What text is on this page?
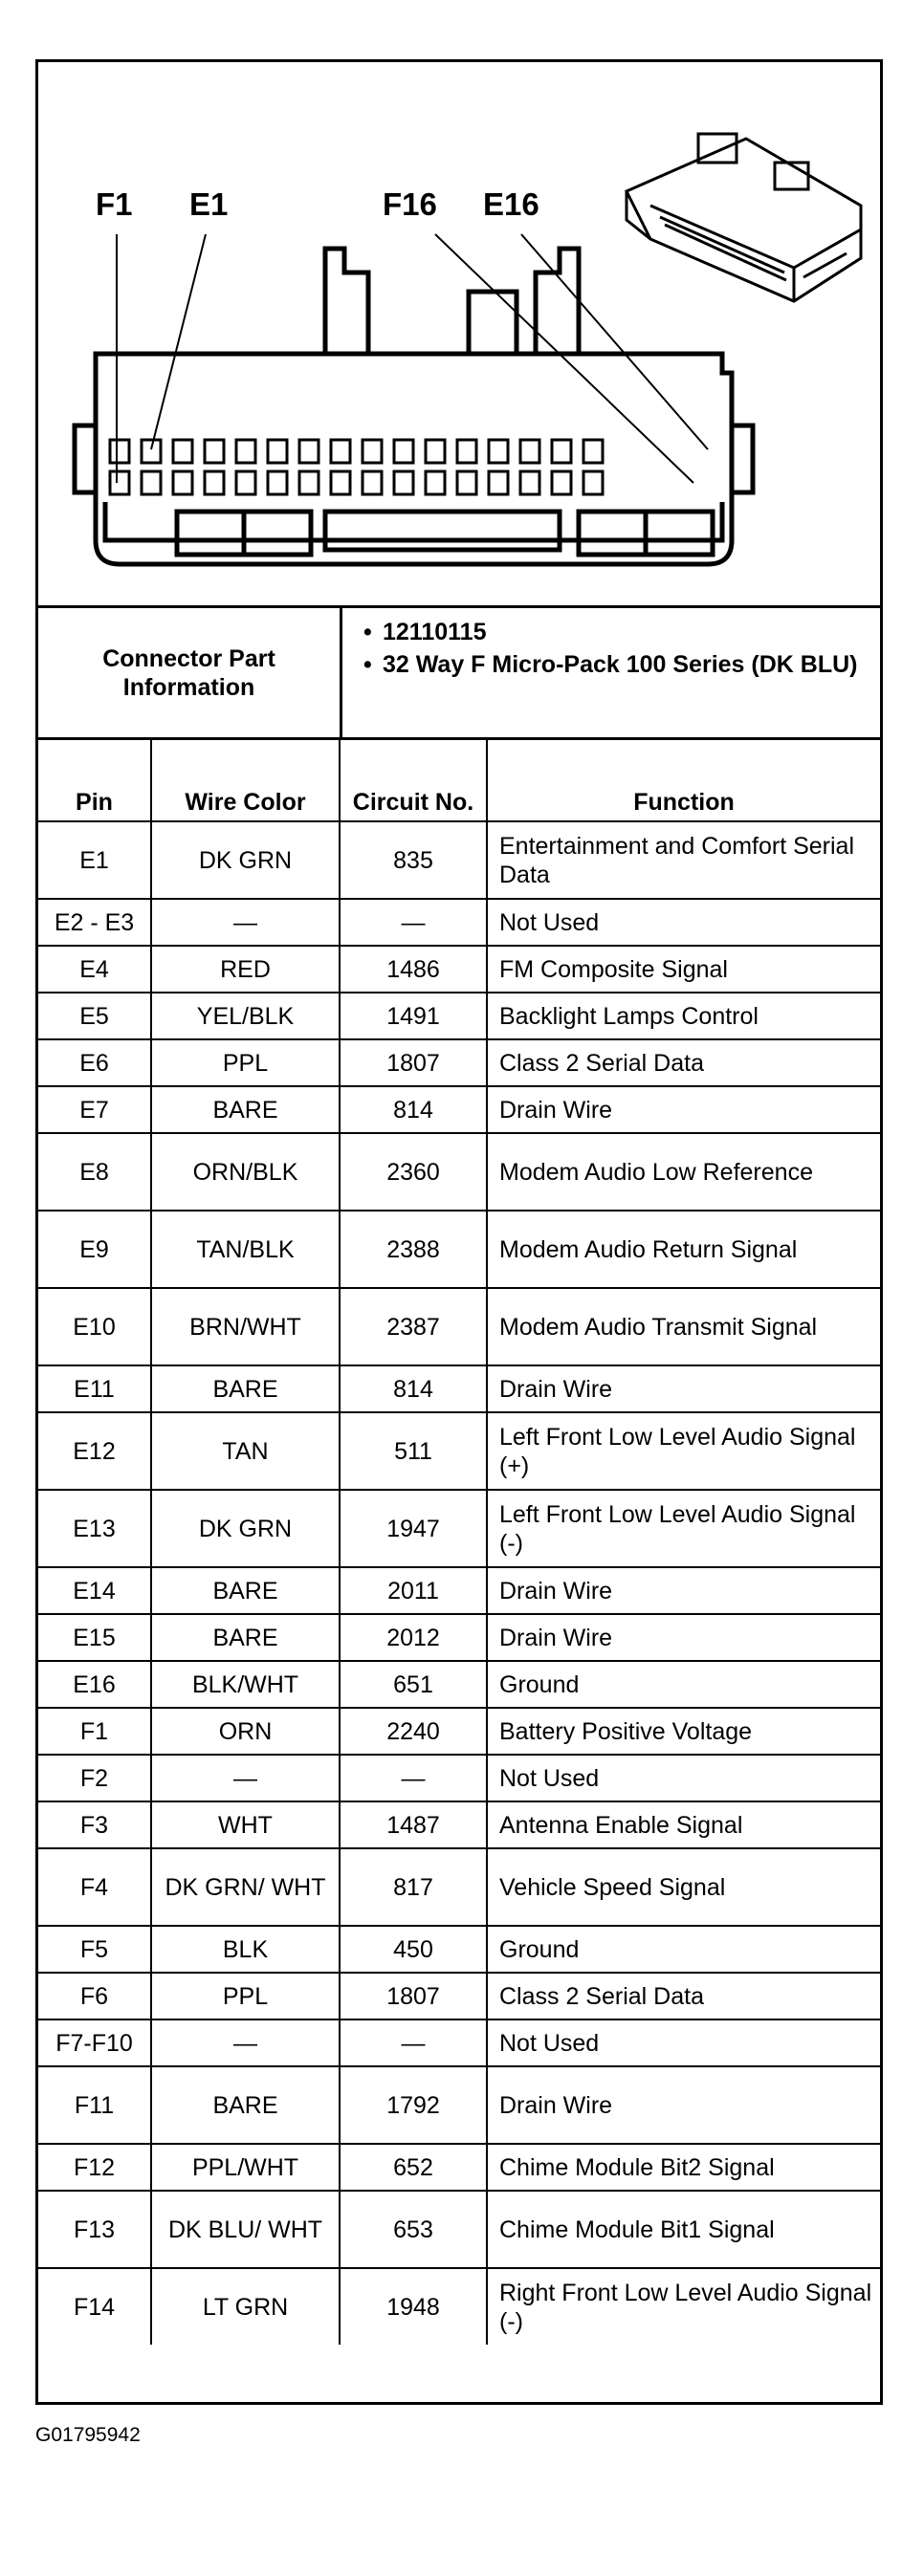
F1 E1	F16 E16
Connector Part Information
• 12110115
• 32 Way F Micro-Pack 100 Series (DK BLU)
Pin	Wire Color	Circuit No.	Function
E1	DK GRN	835	Entertainment and Comfort Serial Data
E2 - E3	—	—	Not Used
E4	RED	1486	FM Composite Signal
E5	YEL/BLK	1491	Backlight Lamps Control
E6	PPL	1807	Class 2 Serial Data
E7	BARE	814	Drain Wire
E8	ORN/BLK	2360	Modem Audio Low Reference
E9	TAN/BLK	2388	Modem Audio Return Signal
E10	BRN/WHT	2387	Modem Audio Transmit Signal
E11	BARE	814	Drain Wire
E12	TAN	511	Left Front Low Level Audio Signal (+)
E13	DK GRN	1947	Left Front Low Level Audio Signal (-)
E14	BARE	2011	Drain Wire
E15	BARE	2012	Drain Wire
E16	BLK/WHT	651	Ground
F1	ORN	2240	Battery Positive Voltage
F2	—	—	Not Used
F3	WHT	1487	Antenna Enable Signal
F4	DK GRN/ WHT	817	Vehicle Speed Signal
F5	BLK	450	Ground
F6	PPL	1807	Class 2 Serial Data
F7-F10	—	—	Not Used
F11	BARE	1792	Drain Wire
F12	PPL/WHT	652	Chime Module Bit2 Signal
F13	DK BLU/ WHT	653	Chime Module Bit1 Signal
F14	LT GRN	1948	Right Front Low Level Audio Signal (-)
G01795942
